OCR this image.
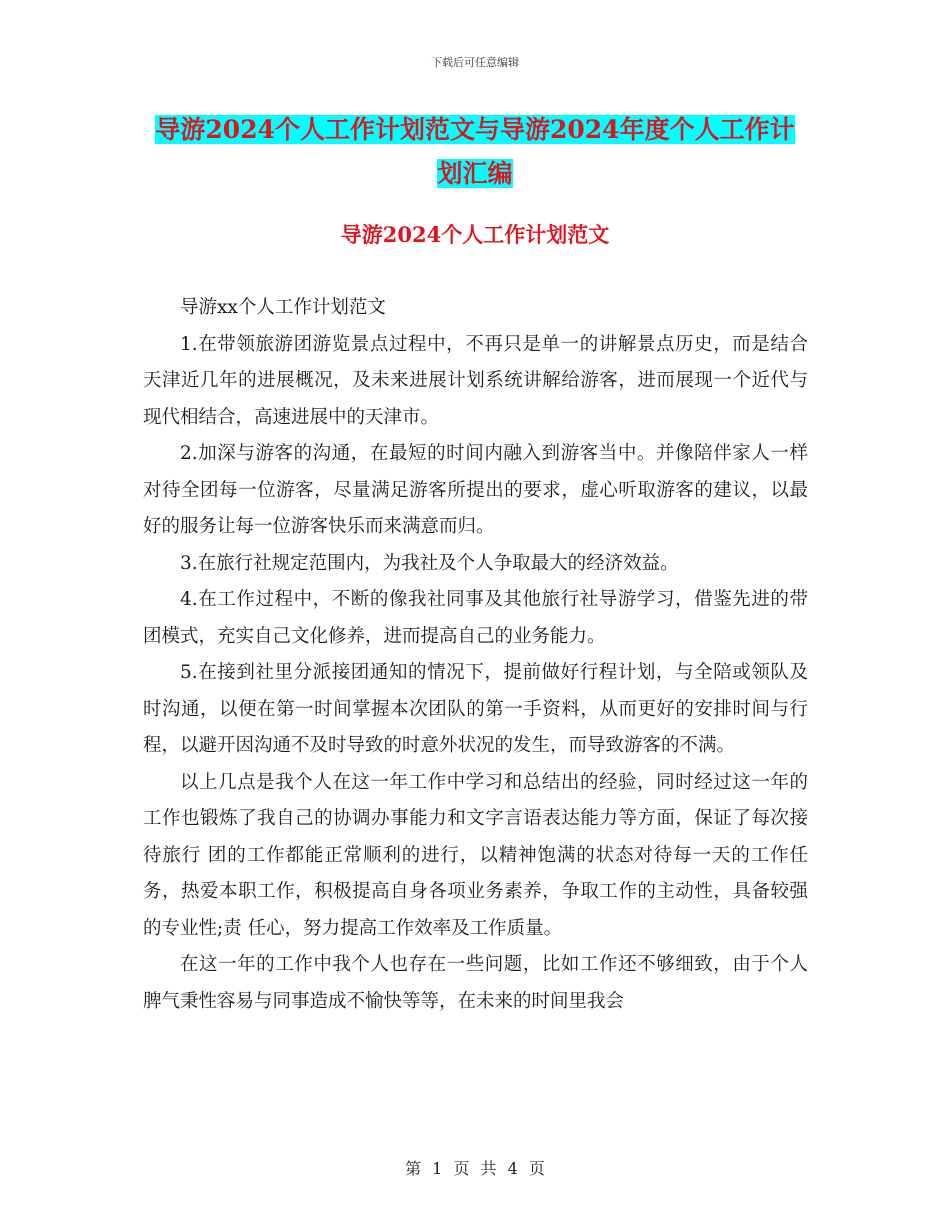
下载后可任意编辑
导游2024个人工作计划范文与导游2024年度个人工作计划汇编
导游2024个人工作计划范文

导游xx个人工作计划范文

1.在带领旅游团游览景点过程中，不再只是单一的讲解景点历史，而是结合天津近几年的进展概况，及未来进展计划系统讲解给游客，进而展现一个近代与现代相结合，高速进展中的天津市。

2.加深与游客的沟通，在最短的时间内融入到游客当中。并像陪伴家人一样对待全团每一位游客，尽量满足游客所提出的要求，虚心听取游客的建议，以最好的服务让每一位游客快乐而来满意而归。

3.在旅行社规定范围内，为我社及个人争取最大的经济效益。

4.在工作过程中，不断的像我社同事及其他旅行社导游学习，借鉴先进的带团模式，充实自己文化修养，进而提高自己的业务能力。

5.在接到社里分派接团通知的情况下，提前做好行程计划，与全陪或领队及时沟通，以便在第一时间掌握本次团队的第一手资料，从而更好的安排时间与行程，以避开因沟通不及时导致的时意外状况的发生，而导致游客的不满。

以上几点是我个人在这一年工作中学习和总结出的经验，同时经过这一年的工作也锻炼了我自己的协调办事能力和文字言语表达能力等方面，保证了每次接待旅行 团的工作都能正常顺利的进行，以精神饱满的状态对待每一天的工作任务，热爱本职工作，积极提高自身各项业务素养，争取工作的主动性，具备较强的专业性;责 任心，努力提高工作效率及工作质量。

在这一年的工作中我个人也存在一些问题，比如工作还不够细致，由于个人脾气秉性容易与同事造成不愉快等等，在未来的时间里我会

第 1 页 共 4 页
